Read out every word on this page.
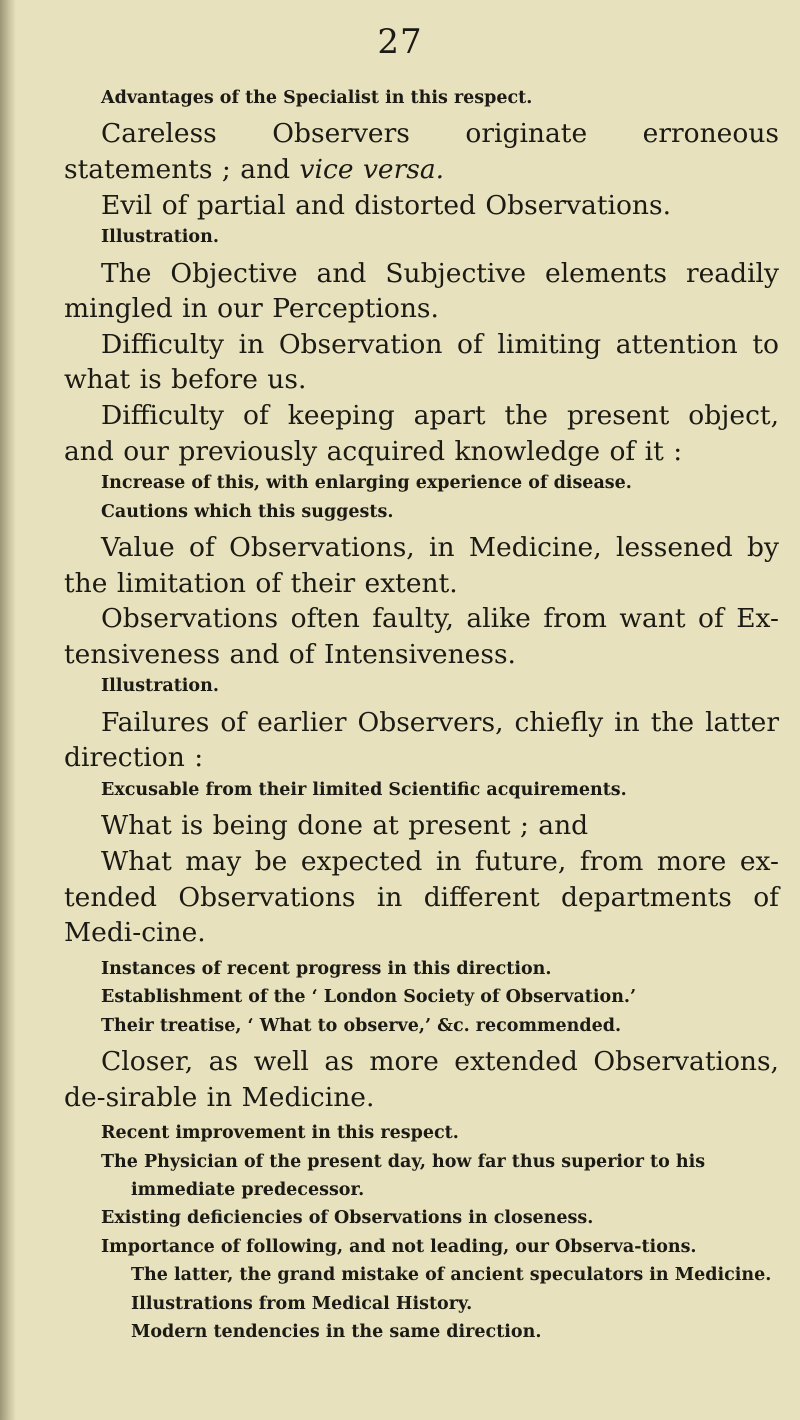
27

Advantages of the Specialist in this respect.

Careless Observers originate erroneous statements ; and vice versa.

Evil of partial and distorted Observations.

Illustration.

The Objective and Subjective elements readily mingled in our Perceptions.

Difficulty in Observation of limiting attention to what is before us.

Difficulty of keeping apart the present object, and our previously acquired knowledge of it :

Increase of this, with enlarging experience of disease.

Cautions which this suggests.

Value of Observations, in Medicine, lessened by the limitation of their extent.

Observations often faulty, alike from want of Ex-tensiveness and of Intensiveness.

Illustration.

Failures of earlier Observers, chiefly in the latter direction :

Excusable from their limited Scientific acquirements.

What is being done at present ; and

What may be expected in future, from more ex-tended Observations in different departments of Medi-cine.

Instances of recent progress in this direction.

Establishment of the ‘ London Society of Observation.’

Their treatise, ‘ What to observe,’ &c. recommended.

Closer, as well as more extended Observations, de-sirable in Medicine.

Recent improvement in this respect.

The Physician of the present day, how far thus superior to his immediate predecessor.

Existing deficiencies of Observations in closeness.

Importance of following, and not leading, our Observa-tions.

The latter, the grand mistake of ancient speculators in Medicine.

Illustrations from Medical History.

Modern tendencies in the same direction.
